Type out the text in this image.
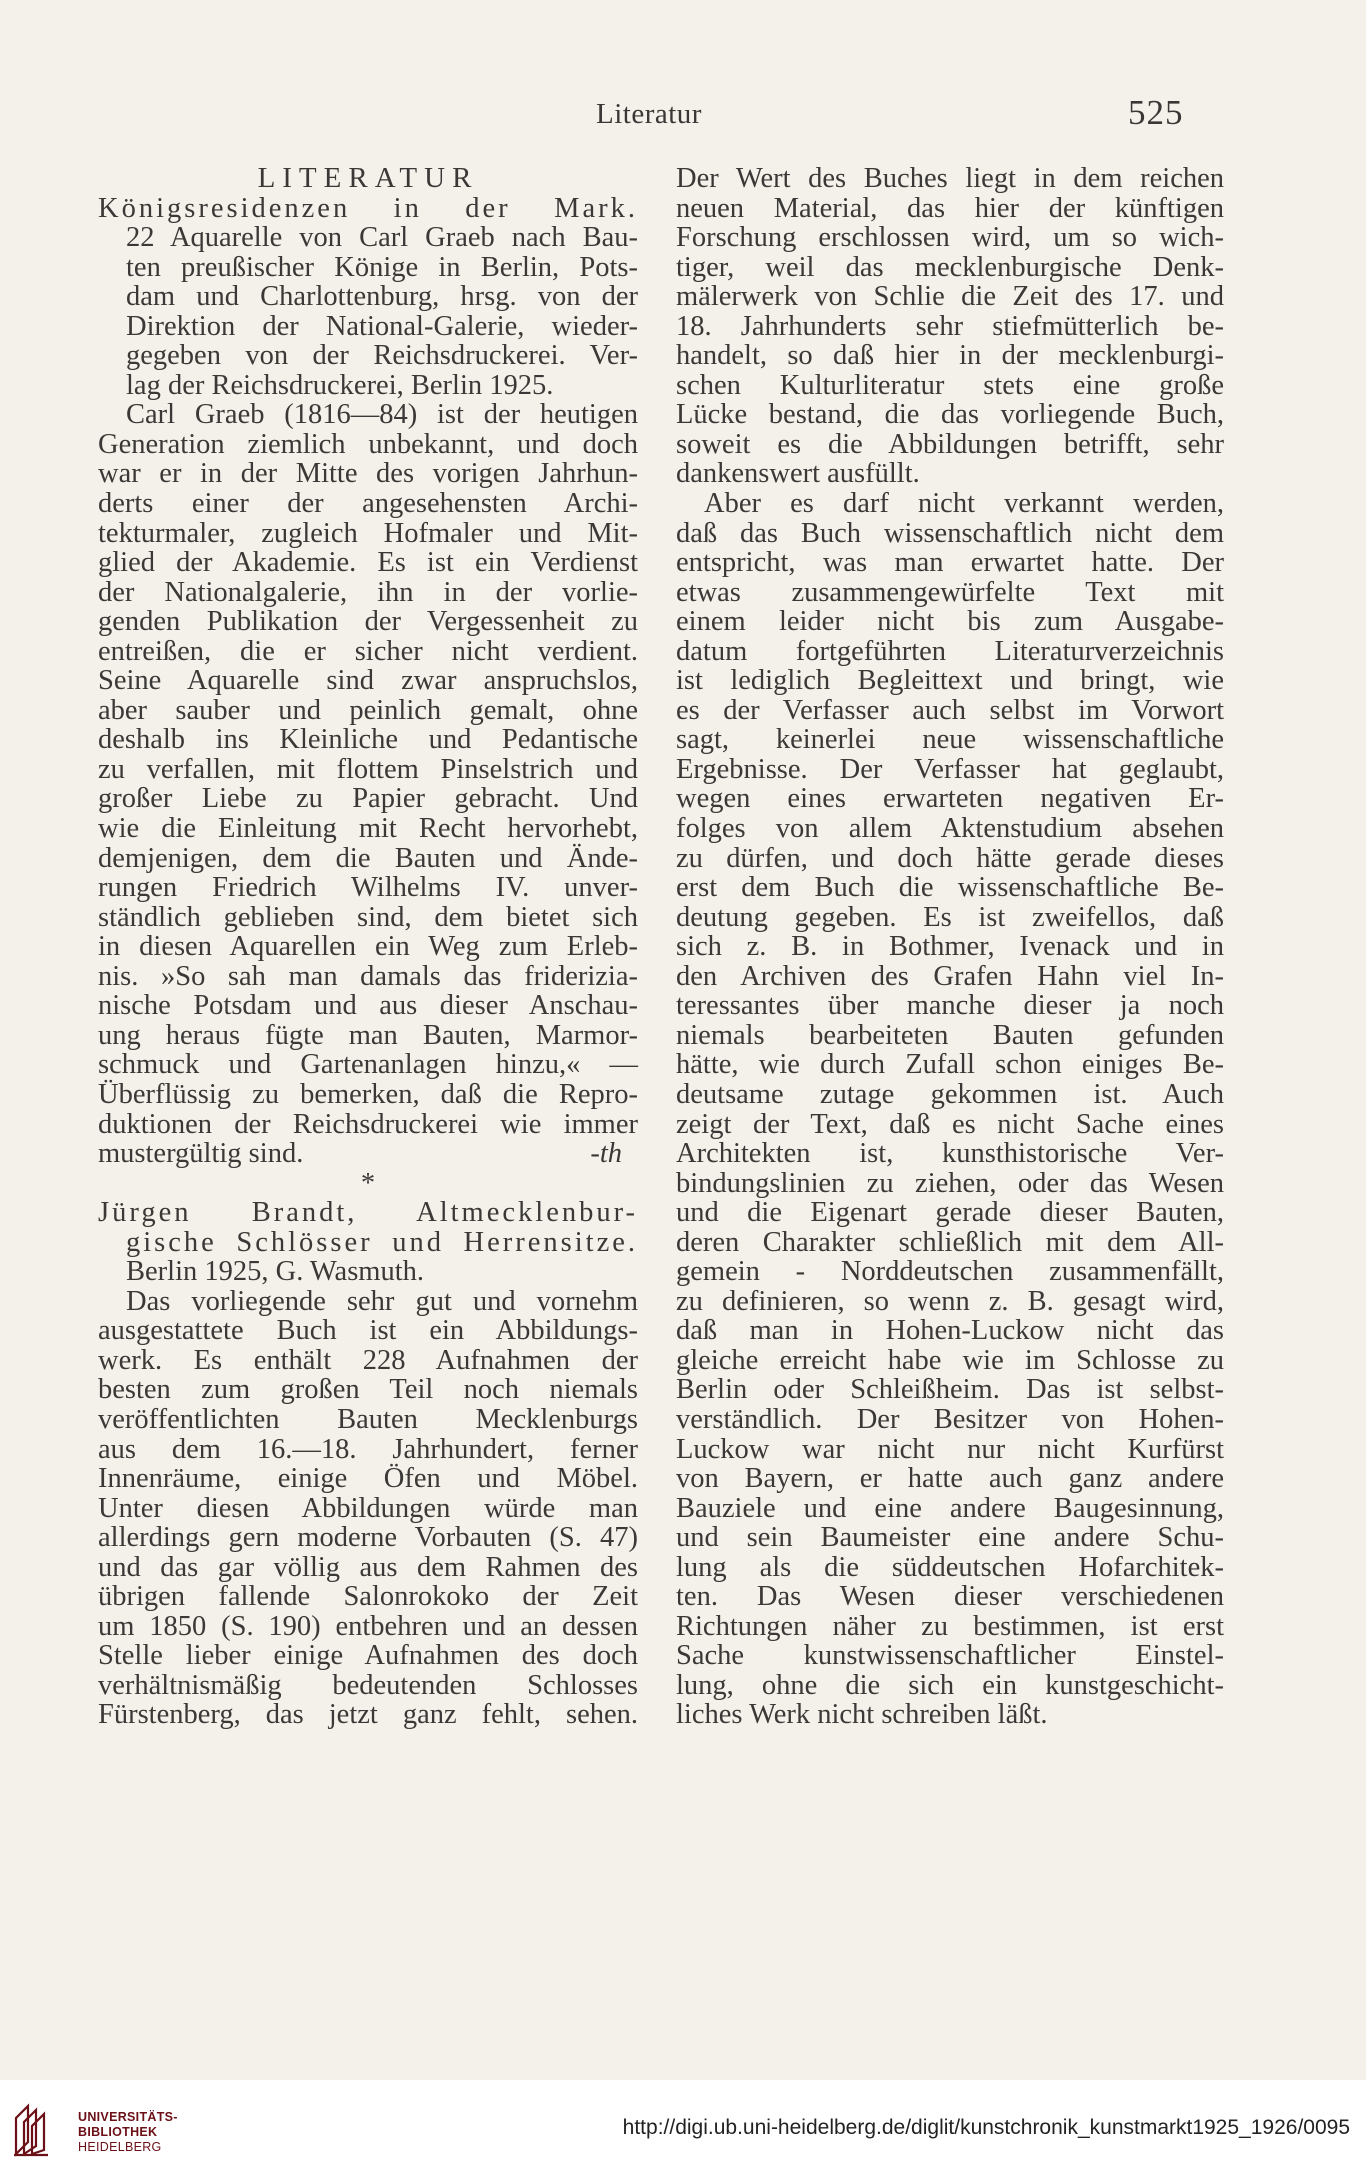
Literatur	525
LITERATUR
Königsresidenzen in der Mark.
22 Aquarelle von Carl Graeb nach Bau-
ten preußischer Könige in Berlin, Pots-
dam und Charlottenburg, hrsg. von der
Direktion der National-Galerie, wieder-
gegeben von der Reichsdruckerei. Ver-
lag der Reichsdruckerei, Berlin 1925.
Carl Graeb (1816—84) ist der heutigen
Generation ziemlich unbekannt, und doch
war er in der Mitte des vorigen Jahrhun-
derts einer der angesehensten Archi-
tekturmaler, zugleich Hofmaler und Mit-
glied der Akademie. Es ist ein Verdienst
der Nationalgalerie, ihn in der vorlie-
genden Publikation der Vergessenheit zu
entreißen, die er sicher nicht verdient.
Seine Aquarelle sind zwar anspruchslos,
aber sauber und peinlich gemalt, ohne
deshalb ins Kleinliche und Pedantische
zu verfallen, mit flottem Pinselstrich und
großer Liebe zu Papier gebracht. Und
wie die Einleitung mit Recht hervorhebt,
demjenigen, dem die Bauten und Ände-
rungen Friedrich Wilhelms IV. unver-
ständlich geblieben sind, dem bietet sich
in diesen Aquarellen ein Weg zum Erleb-
nis. »So sah man damals das friderizia-
nische Potsdam und aus dieser Anschau-
ung heraus fügte man Bauten, Marmor-
schmuck und Gartenanlagen hinzu,« —
Überflüssig zu bemerken, daß die Repro-
duktionen der Reichsdruckerei wie immer
mustergültig sind.	-th
*
Jürgen Brandt, Altmecklenbur-
gische Schlösser und Herrensitze.
Berlin 1925, G. Wasmuth.
Das vorliegende sehr gut und vornehm
ausgestattete Buch ist ein Abbildungs-
werk. Es enthält 228 Aufnahmen der
besten zum großen Teil noch niemals
veröffentlichten Bauten Mecklenburgs
aus dem 16.—18. Jahrhundert, ferner
Innenräume, einige Öfen und Möbel.
Unter diesen Abbildungen würde man
allerdings gern moderne Vorbauten (S. 47)
und das gar völlig aus dem Rahmen des
übrigen fallende Salonrokoko der Zeit
um 1850 (S. 190) entbehren und an dessen
Stelle lieber einige Aufnahmen des doch
verhältnismäßig bedeutenden Schlosses
Fürstenberg, das jetzt ganz fehlt, sehen.
Der Wert des Buches liegt in dem reichen
neuen Material, das hier der künftigen
Forschung erschlossen wird, um so wich-
tiger, weil das mecklenburgische Denk-
mälerwerk von Schlie die Zeit des 17. und
18. Jahrhunderts sehr stiefmütterlich be-
handelt, so daß hier in der mecklenburgi-
schen Kulturliteratur stets eine große
Lücke bestand, die das vorliegende Buch,
soweit es die Abbildungen betrifft, sehr
dankenswert ausfüllt.
Aber es darf nicht verkannt werden,
daß das Buch wissenschaftlich nicht dem
entspricht, was man erwartet hatte. Der
etwas zusammengewürfelte Text mit
einem leider nicht bis zum Ausgabe-
datum fortgeführten Literaturverzeichnis
ist lediglich Begleittext und bringt, wie
es der Verfasser auch selbst im Vorwort
sagt, keinerlei neue wissenschaftliche
Ergebnisse. Der Verfasser hat geglaubt,
wegen eines erwarteten negativen Er-
folges von allem Aktenstudium absehen
zu dürfen, und doch hätte gerade dieses
erst dem Buch die wissenschaftliche Be-
deutung gegeben. Es ist zweifellos, daß
sich z. B. in Bothmer, Ivenack und in
den Archiven des Grafen Hahn viel In-
teressantes über manche dieser ja noch
niemals bearbeiteten Bauten gefunden
hätte, wie durch Zufall schon einiges Be-
deutsame zutage gekommen ist. Auch
zeigt der Text, daß es nicht Sache eines
Architekten ist, kunsthistorische Ver-
bindungslinien zu ziehen, oder das Wesen
und die Eigenart gerade dieser Bauten,
deren Charakter schließlich mit dem All-
gemein - Norddeutschen zusammenfällt,
zu definieren, so wenn z. B. gesagt wird,
daß man in Hohen-Luckow nicht das
gleiche erreicht habe wie im Schlosse zu
Berlin oder Schleißheim. Das ist selbst-
verständlich. Der Besitzer von Hohen-
Luckow war nicht nur nicht Kurfürst
von Bayern, er hatte auch ganz andere
Bauziele und eine andere Baugesinnung,
und sein Baumeister eine andere Schu-
lung als die süddeutschen Hofarchitek-
ten. Das Wesen dieser verschiedenen
Richtungen näher zu bestimmen, ist erst
Sache kunstwissenschaftlicher Einstel-
lung, ohne die sich ein kunstgeschicht-
liches Werk nicht schreiben läßt.
UNIVERSITÄTS-
BIBLIOTHEK
HEIDELBERG
http://digi.ub.uni-heidelberg.de/diglit/kunstchronik_kunstmarkt1925_1926/0095
